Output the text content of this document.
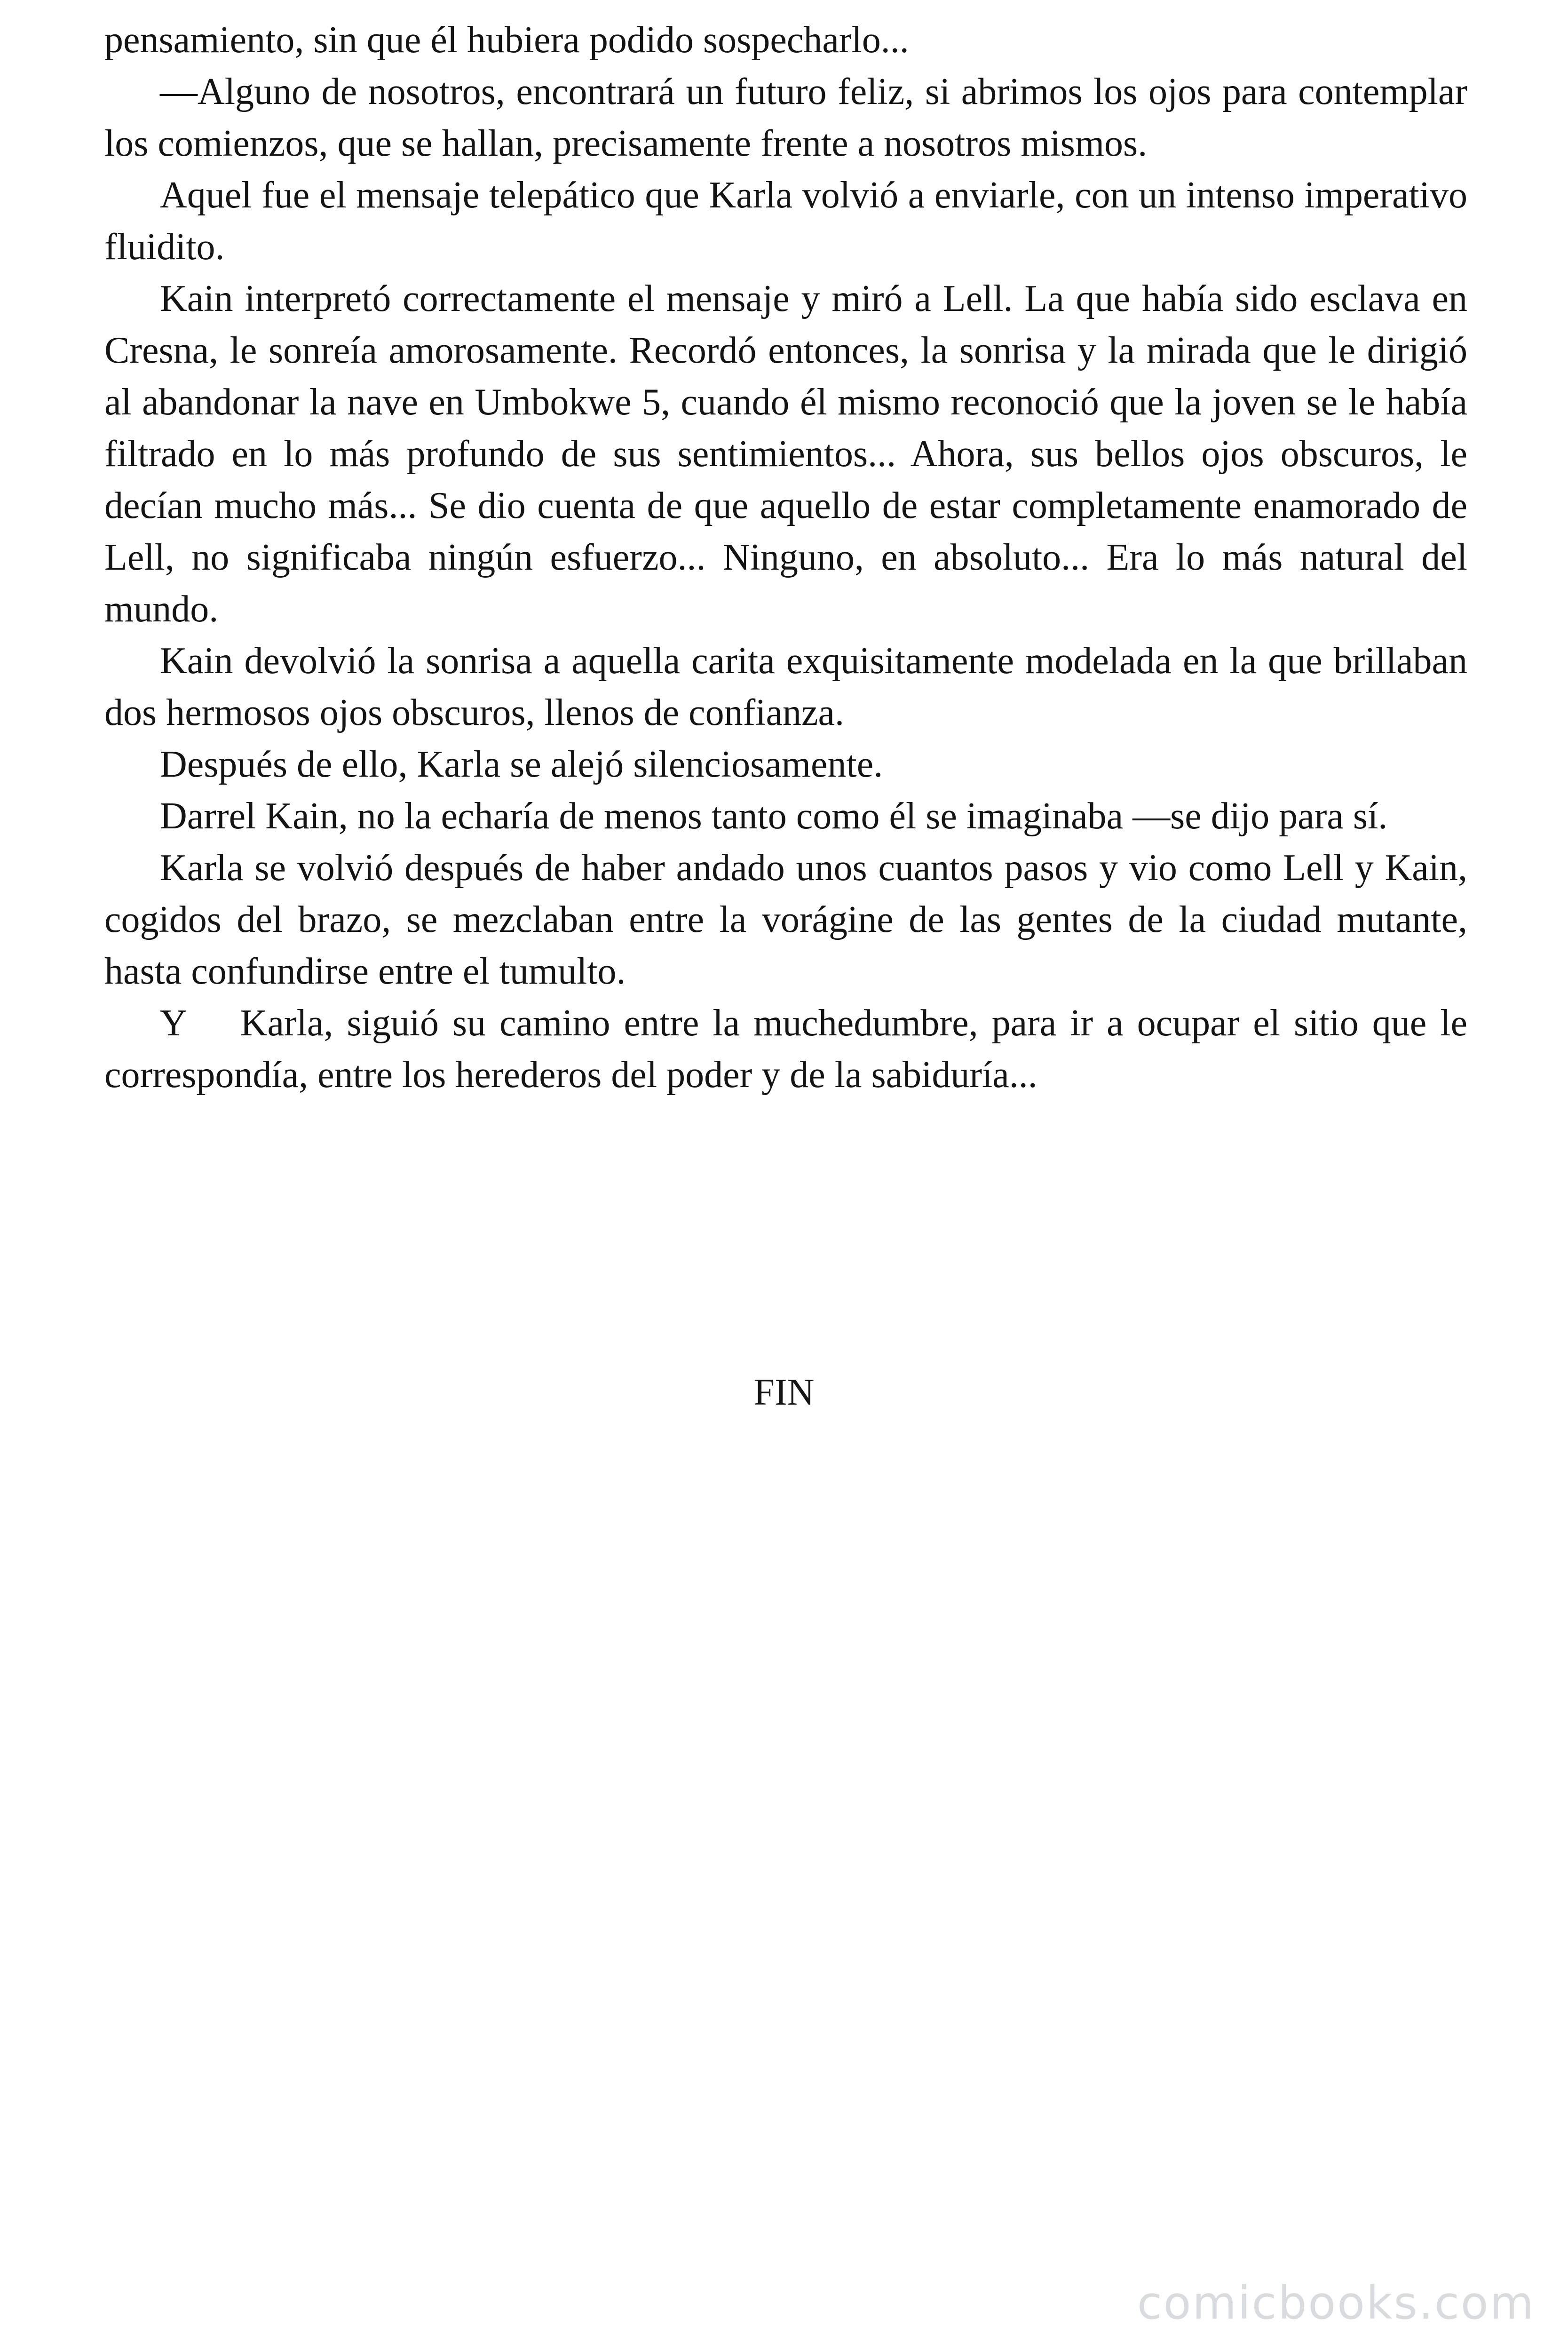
pensamiento, sin que él hubiera podido sospecharlo...

—Alguno de nosotros, encontrará un futuro feliz, si abrimos los ojos para contemplar los comienzos, que se hallan, precisamente frente a nosotros mismos.

Aquel fue el mensaje telepático que Karla volvió a enviarle, con un intenso imperativo fluidito.

Kain interpretó correctamente el mensaje y miró a Lell. La que había sido esclava en Cresna, le sonreía amorosamente. Recordó entonces, la sonrisa y la mirada que le dirigió al abandonar la nave en Umbokwe 5, cuando él mismo reconoció que la joven se le había filtrado en lo más profundo de sus sentimientos... Ahora, sus bellos ojos obscuros, le decían mucho más... Se dio cuenta de que aquello de estar completamente enamorado de Lell, no significaba ningún esfuerzo... Ninguno, en absoluto... Era lo más natural del mundo.

Kain devolvió la sonrisa a aquella carita exquisitamente modelada en la que brillaban dos hermosos ojos obscuros, llenos de confianza.

Después de ello, Karla se alejó silenciosamente.

Darrel Kain, no la echaría de menos tanto como él se imaginaba —se dijo para sí.

Karla se volvió después de haber andado unos cuantos pasos y vio como Lell y Kain, cogidos del brazo, se mezclaban entre la vorágine de las gentes de la ciudad mutante, hasta confundirse entre el tumulto.

Y    Karla, siguió su camino entre la muchedumbre, para ir a ocupar el sitio que le correspondía, entre los herederos del poder y de la sabiduría...

FIN
comicbooks.com
